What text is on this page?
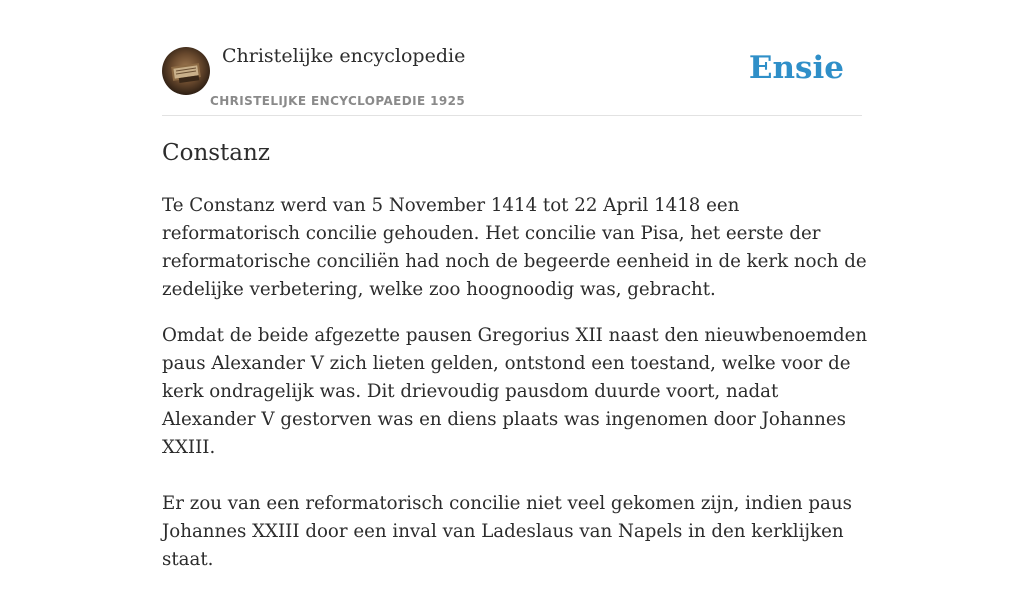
Christelijke encyclopedie
CHRISTELIJKE ENCYCLOPAEDIE 1925
Ensie
Constanz

Te Constanz werd van 5 November 1414 tot 22 April 1418 een reformatorisch concilie gehouden. Het concilie van Pisa, het eerste der reformatorische conciliën had noch de begeerde eenheid in de kerk noch de zedelijke verbetering, welke zoo hoognoodig was, gebracht.

Omdat de beide afgezette pausen Gregorius XII naast den nieuwbenoemden paus Alexander V zich lieten gelden, ontstond een toestand, welke voor de kerk ondragelijk was. Dit drievoudig pausdom duurde voort, nadat Alexander V gestorven was en diens plaats was ingenomen door Johannes XXIII.

Er zou van een reformatorisch concilie niet veel gekomen zijn, indien paus Johannes XXIII door een inval van Ladeslaus van Napels in den kerklijken staat.
